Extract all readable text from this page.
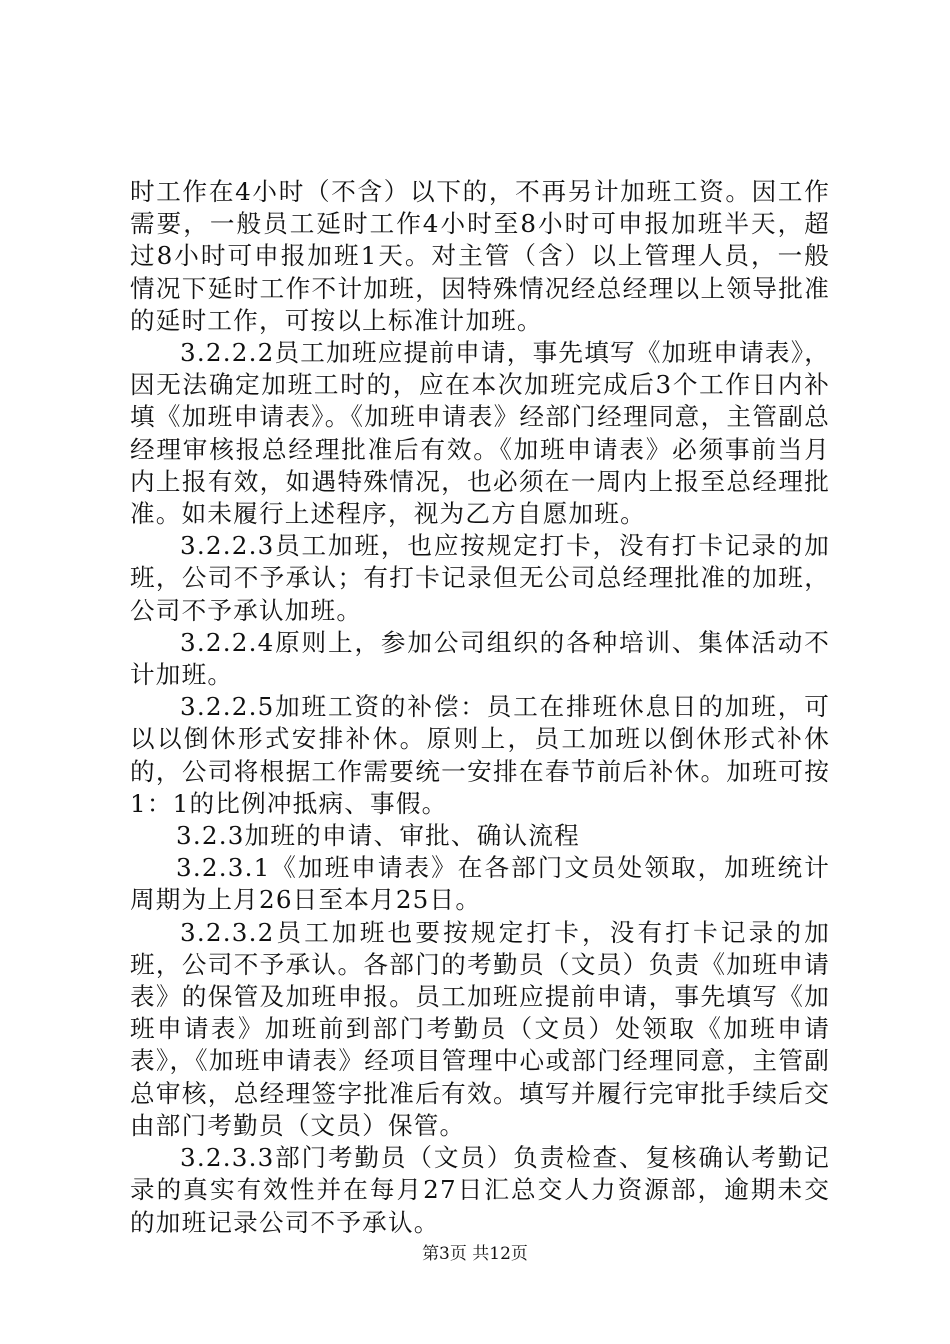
时工作在4小时（不含）以下的，不再另计加班工资。因工作需要，一般员工延时工作4小时至8小时可申报加班半天，超过8小时可申报加班1天。对主管（含）以上管理人员，一般情况下延时工作不计加班，因特殊情况经总经理以上领导批准的延时工作，可按以上标准计加班。

3.2.2.2员工加班应提前申请，事先填写《加班申请表》，因无法确定加班工时的，应在本次加班完成后3个工作日内补填《加班申请表》。《加班申请表》经部门经理同意，主管副总经理审核报总经理批准后有效。《加班申请表》必须事前当月内上报有效，如遇特殊情况，也必须在一周内上报至总经理批准。如未履行上述程序，视为乙方自愿加班。

3.2.2.3员工加班，也应按规定打卡，没有打卡记录的加班，公司不予承认；有打卡记录但无公司总经理批准的加班，公司不予承认加班。

3.2.2.4原则上，参加公司组织的各种培训、集体活动不计加班。

3.2.2.5加班工资的补偿：员工在排班休息日的加班，可以以倒休形式安排补休。原则上，员工加班以倒休形式补休的，公司将根据工作需要统一安排在春节前后补休。加班可按1：1的比例冲抵病、事假。

3.2.3加班的申请、审批、确认流程

3.2.3.1《加班申请表》在各部门文员处领取，加班统计周期为上月26日至本月25日。

3.2.3.2员工加班也要按规定打卡，没有打卡记录的加班，公司不予承认。各部门的考勤员（文员）负责《加班申请表》的保管及加班申报。员工加班应提前申请，事先填写《加班申请表》加班前到部门考勤员（文员）处领取《加班申请表》，《加班申请表》经项目管理中心或部门经理同意，主管副总审核，总经理签字批准后有效。填写并履行完审批手续后交由部门考勤员（文员）保管。

3.2.3.3部门考勤员（文员）负责检查、复核确认考勤记录的真实有效性并在每月27日汇总交人力资源部，逾期未交的加班记录公司不予承认。

第3页 共12页
